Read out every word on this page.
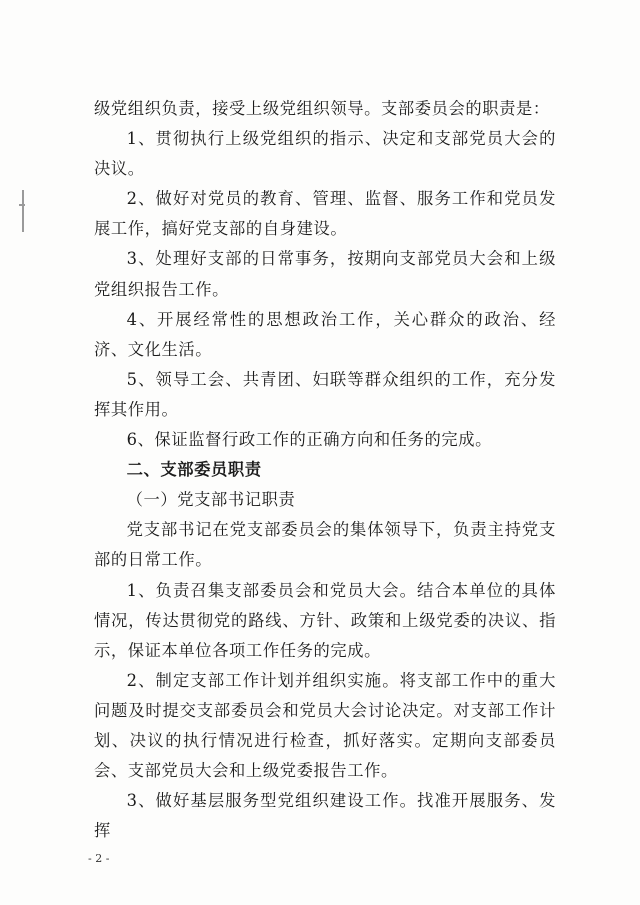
级党组织负责，接受上级党组织领导。支部委员会的职责是：

1、贯彻执行上级党组织的指示、决定和支部党员大会的决议。

2、做好对党员的教育、管理、监督、服务工作和党员发展工作，搞好党支部的自身建设。

3、处理好支部的日常事务，按期向支部党员大会和上级党组织报告工作。

4、开展经常性的思想政治工作，关心群众的政治、经济、文化生活。

5、领导工会、共青团、妇联等群众组织的工作，充分发挥其作用。

6、保证监督行政工作的正确方向和任务的完成。

二、支部委员职责

（一）党支部书记职责

党支部书记在党支部委员会的集体领导下，负责主持党支部的日常工作。

1、负责召集支部委员会和党员大会。结合本单位的具体情况，传达贯彻党的路线、方针、政策和上级党委的决议、指示，保证本单位各项工作任务的完成。

2、制定支部工作计划并组织实施。将支部工作中的重大问题及时提交支部委员会和党员大会讨论决定。对支部工作计划、决议的执行情况进行检查，抓好落实。定期向支部委员会、支部党员大会和上级党委报告工作。

3、做好基层服务型党组织建设工作。找准开展服务、发挥

- 2 -
